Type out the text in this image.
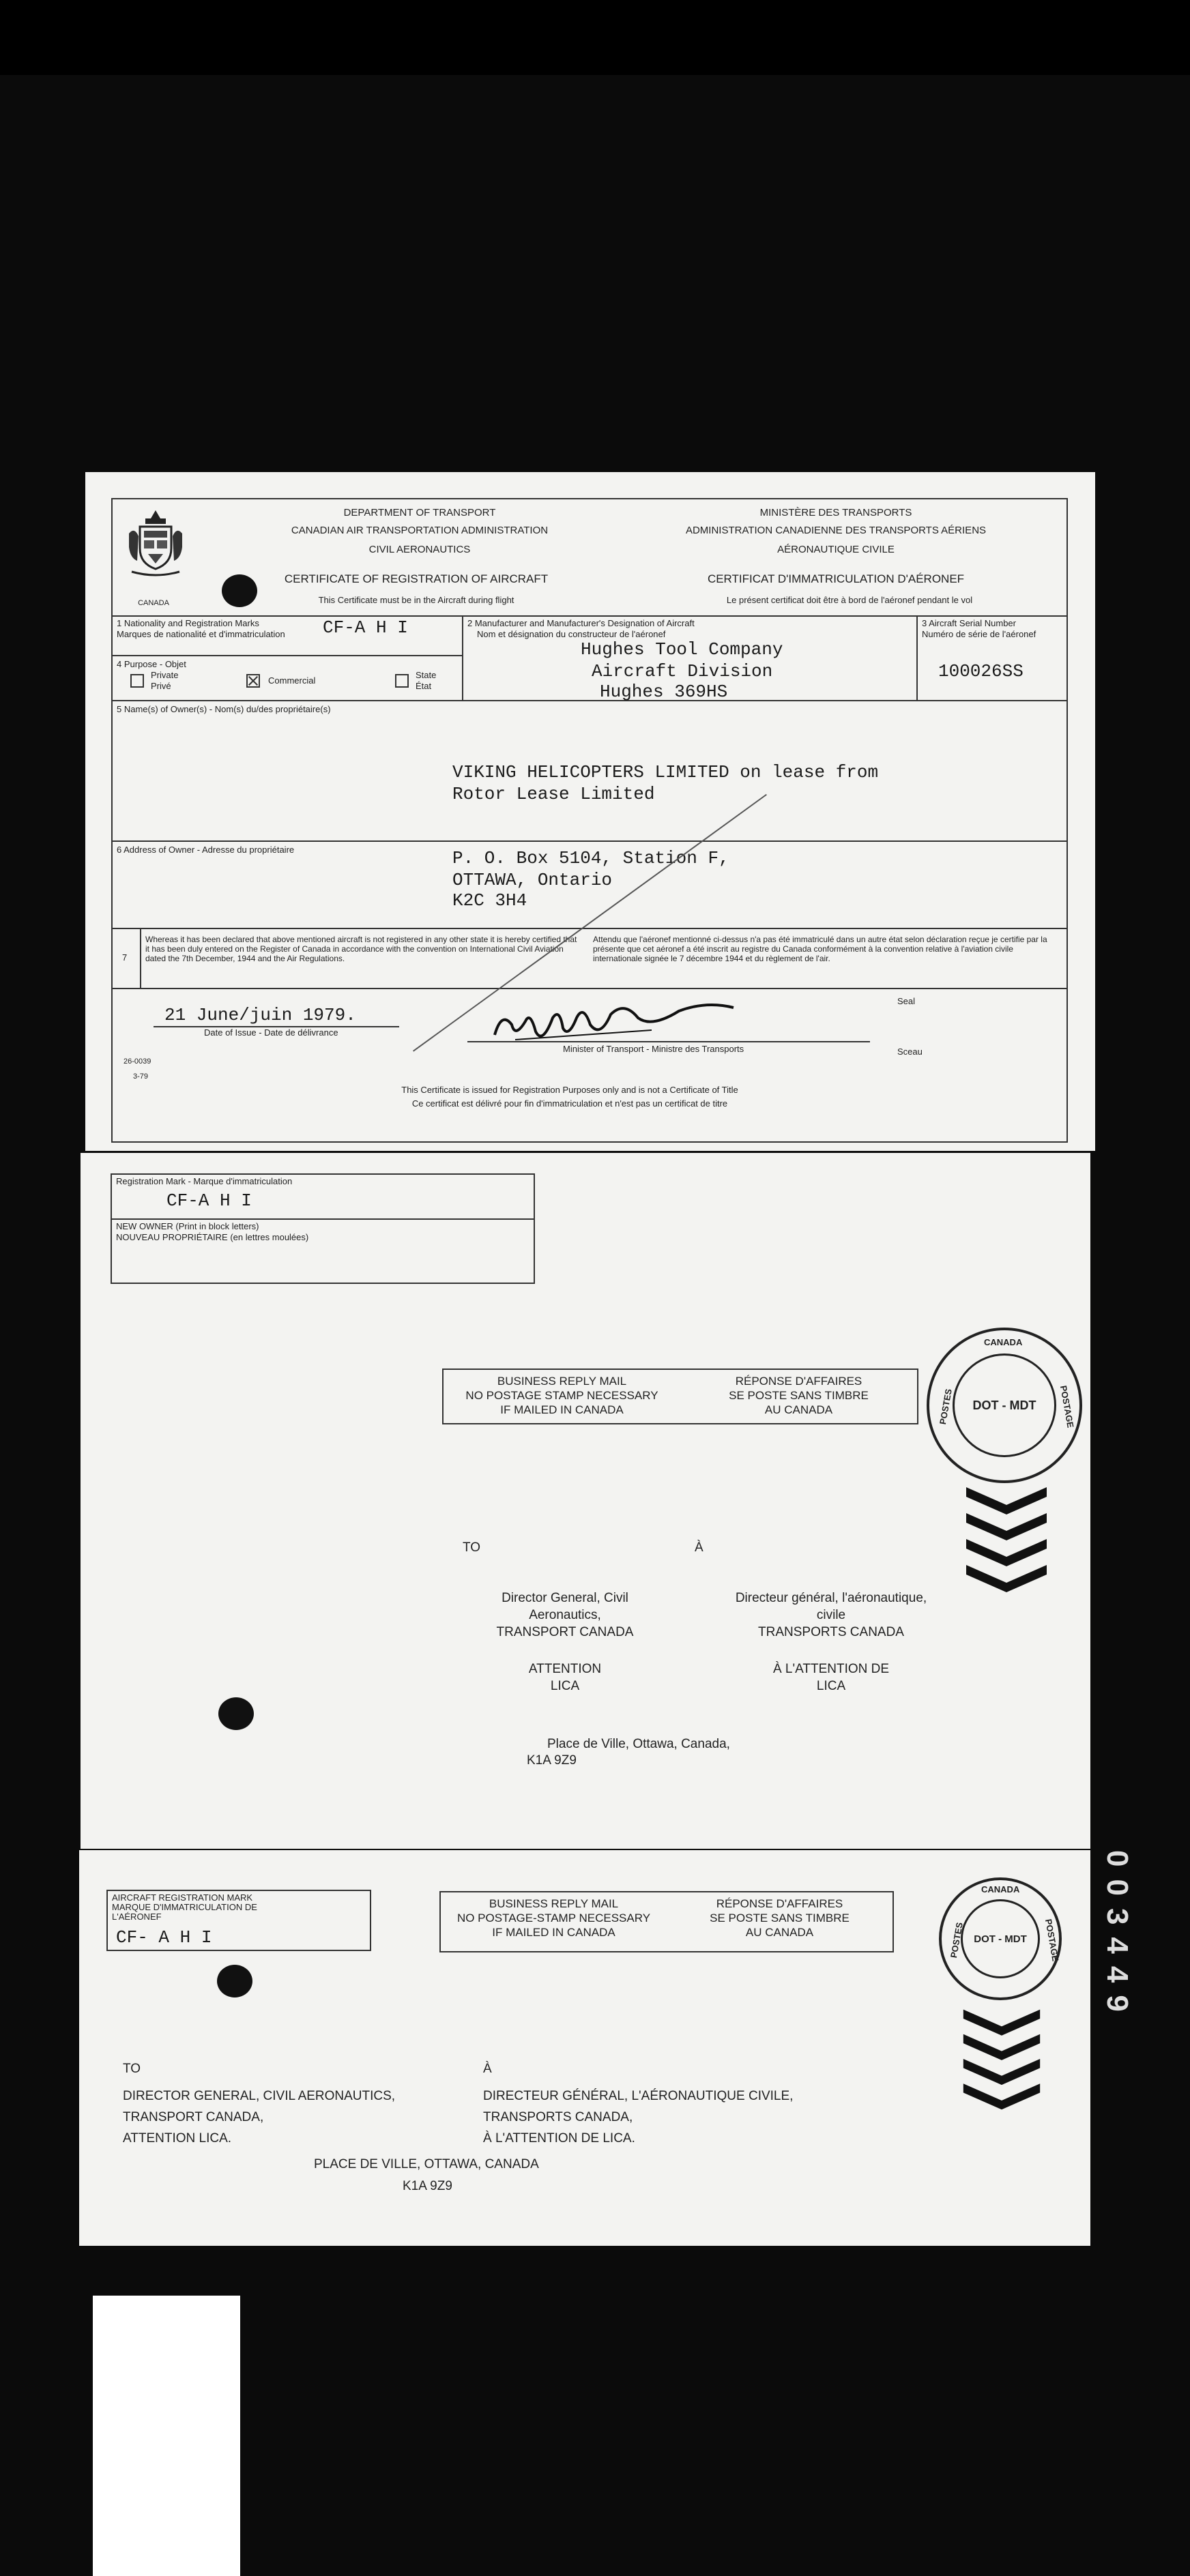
CANADA
DEPARTMENT OF TRANSPORT
CANADIAN AIR TRANSPORTATION ADMINISTRATION
CIVIL AERONAUTICS
MINISTÈRE DES TRANSPORTS
ADMINISTRATION CANADIENNE DES TRANSPORTS AÉRIENS
AÉRONAUTIQUE CIVILE
CERTIFICATE OF REGISTRATION OF AIRCRAFT	CERTIFICAT D'IMMATRICULATION D'AÉRONEF
This Certificate must be in the Aircraft during flight	Le présent certificat doit être à bord de l'aéronef pendant le vol
1 Nationality and Registration Marks
Marques de nationalité et d'immatriculation CF-A H I
4 Purpose - Objet
Private
Privé
Commercial
State
État
2 Manufacturer and Manufacturer's Designation of Aircraft
Nom et désignation du constructeur de l'aéronef
Hughes Tool Company
Aircraft Division
Hughes 369HS
3 Aircraft Serial Number
Numéro de série de l'aéronef
100026SS
5 Name(s) of Owner(s) - Nom(s) du/des propriétaire(s)
VIKING HELICOPTERS LIMITED on lease from
Rotor Lease Limited
6 Address of Owner - Adresse du propriétaire	P. O. Box 5104, Station F,
OTTAWA, Ontario
K2C 3H4
7
Whereas it has been declared that above mentioned aircraft is not registered in any other state it is hereby certified that it has been duly entered on the Register of Canada in accordance with the convention on International Civil Aviation dated the 7th December, 1944 and the Air Regulations.
Attendu que l'aéronef mentionné ci-dessus n'a pas été immatriculé dans un autre état selon déclaration reçue je certifie par la présente que cet aéronef a été inscrit au registre du Canada conformément à la convention relative à l'aviation civile internationale signée le 7 décembre 1944 et du règlement de l'air.
21 June/juin 1979.
Date of Issue - Date de délivrance
Minister of Transport - Ministre des Transports
Seal
Sceau
26-0039
3-79
This Certificate is issued for Registration Purposes only and is not a Certificate of Title
Ce certificat est délivré pour fin d'immatriculation et n'est pas un certificat de titre
Registration Mark - Marque d'immatriculation
CF-A H I
NEW OWNER (Print in block letters)
NOUVEAU PROPRIÉTAIRE (en lettres moulées)
BUSINESS REPLY MAIL
NO POSTAGE STAMP NECESSARY
IF MAILED IN CANADA
RÉPONSE D'AFFAIRES
SE POSTE SANS TIMBRE
AU CANADA	DOT - MDT
CANADA
POSTES	POSTAGE
TO	À
Director General, Civil
Aeronautics,
TRANSPORT CANADA
Directeur général, l'aéronautique,
civile
TRANSPORTS CANADA
ATTENTION
LICA
À L'ATTENTION DE
LICA
Place de Ville, Ottawa, Canada,
K1A 9Z9
AIRCRAFT REGISTRATION MARK
MARQUE D'IMMATRICULATION DE
L'AÉRONEF
CF- A H I
BUSINESS REPLY MAIL
NO POSTAGE-STAMP NECESSARY
IF MAILED IN CANADA
RÉPONSE D'AFFAIRES
SE POSTE SANS TIMBRE
AU CANADA	DOT - MDT
CANADA
POSTES	POSTAGE
TO	À
DIRECTOR GENERAL, CIVIL AERONAUTICS,
TRANSPORT CANADA,
ATTENTION LICA.
DIRECTEUR GÉNÉRAL, L'AÉRONAUTIQUE CIVILE,
TRANSPORTS CANADA,
À L'ATTENTION DE LICA.
PLACE DE VILLE, OTTAWA, CANADA
K1A 9Z9
003449
